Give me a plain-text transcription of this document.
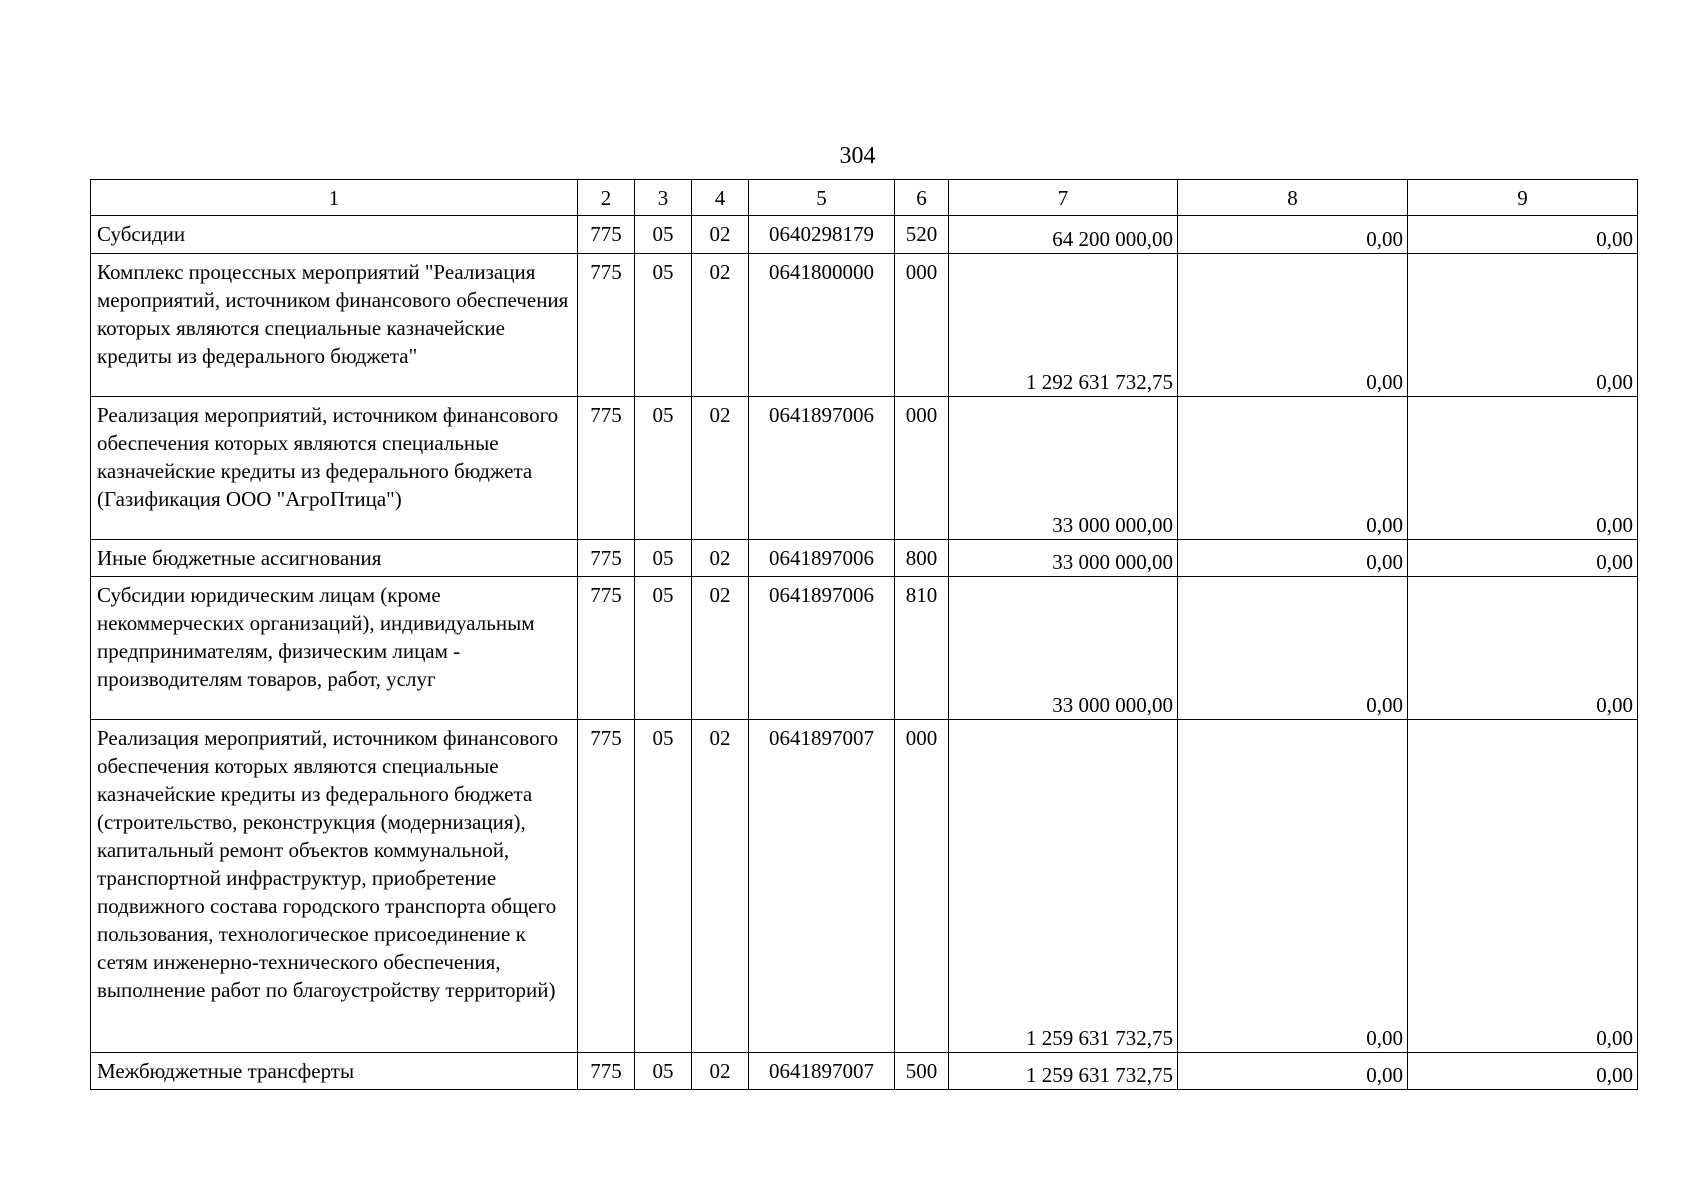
304
1	2	3	4	5	6	7	8	9
Субсидии	775	05	02	0640298179	520	64 200 000,00	0,00	0,00
Комплекс процессных мероприятий "Реализация мероприятий, источником финансового обеспечения которых являются специальные казначейские кредиты из федерального бюджета"	775	05	02	0641800000	000	1 292 631 732,75	0,00	0,00
Реализация мероприятий, источником финансового обеспечения которых являются специальные казначейские кредиты из федерального бюджета (Газификация ООО "АгроПтица")	775	05	02	0641897006	000	33 000 000,00	0,00	0,00
Иные бюджетные ассигнования	775	05	02	0641897006	800	33 000 000,00	0,00	0,00
Субсидии юридическим лицам (кроме некоммерческих организаций), индивидуальным предпринимателям, физическим лицам - производителям товаров, работ, услуг	775	05	02	0641897006	810	33 000 000,00	0,00	0,00
Реализация мероприятий, источником финансового обеспечения которых являются специальные казначейские кредиты из федерального бюджета (строительство, реконструкция (модернизация), капитальный ремонт объектов коммунальной, транспортной инфраструктур, приобретение подвижного состава городского транспорта общего пользования, технологическое присоединение к сетям инженерно-технического обеспечения, выполнение работ по благоустройству территорий)	775	05	02	0641897007	000	1 259 631 732,75	0,00	0,00
Межбюджетные трансферты	775	05	02	0641897007	500	1 259 631 732,75	0,00	0,00
